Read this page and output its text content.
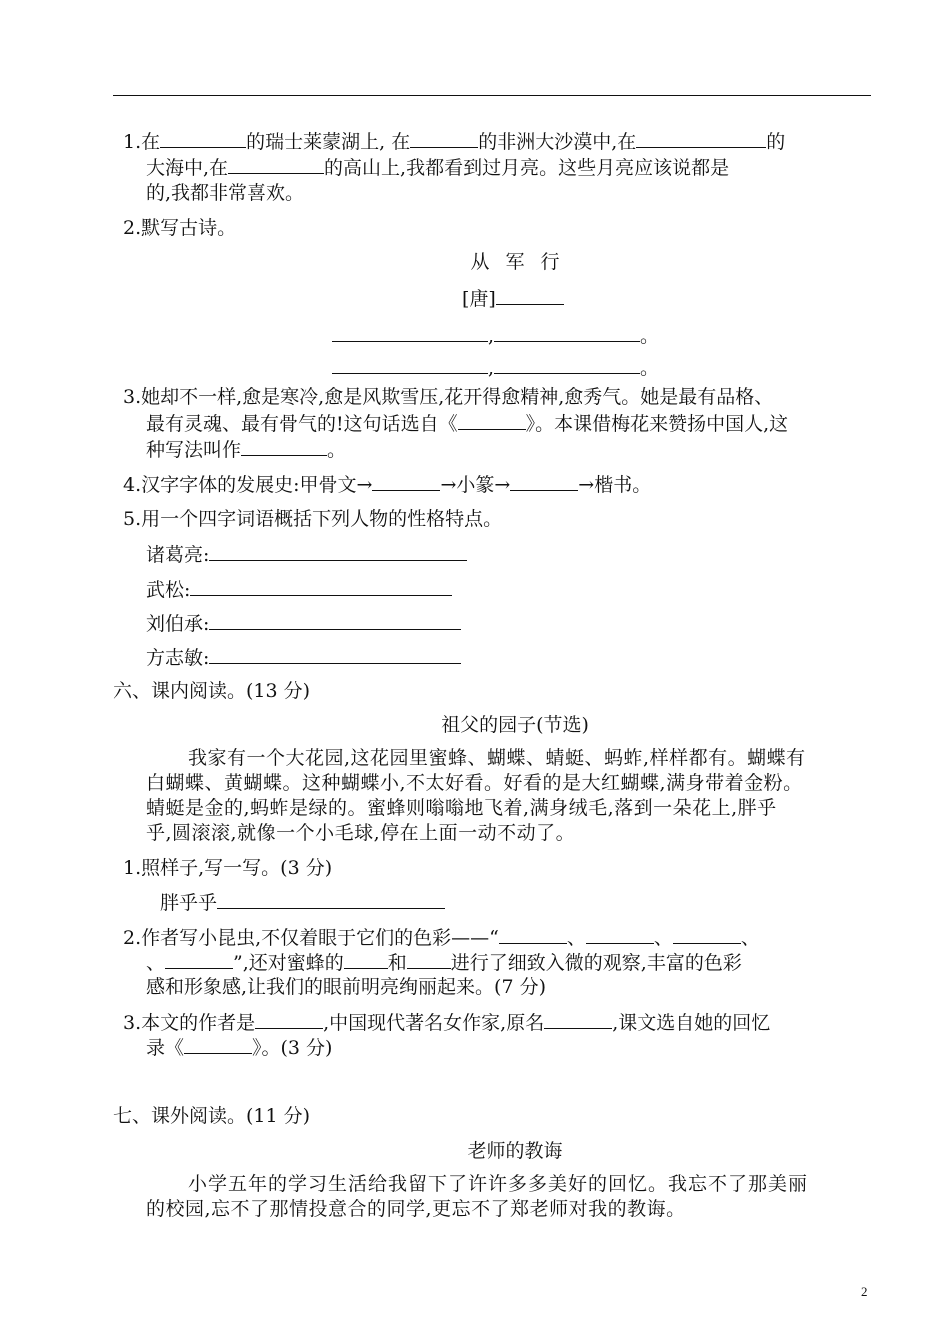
1.在	的瑞士莱蒙湖上, 在	的非洲大沙漠中,在	的
大海中,在	的高山上,我都看到过月亮。这些月亮应该说都是
的,我都非常喜欢。
2.默写古诗。
从 军 行
[唐]
,	。
,	。
3.她却不一样,愈是寒冷,愈是风欺雪压,花开得愈精神,愈秀气。她是最有品格、
最有灵魂、最有骨气的!这句话选自《	》。本课借梅花来赞扬中国人,这
种写法叫作	。
4.汉字字体的发展史:甲骨文→	→小篆→	→楷书。
5.用一个四字词语概括下列人物的性格特点。
诸葛亮:
武松:
刘伯承:
方志敏:
六、课内阅读。(13 分)
祖父的园子(节选)
我家有一个大花园,这花园里蜜蜂、蝴蝶、蜻蜓、蚂蚱,样样都有。蝴蝶有
白蝴蝶、黄蝴蝶。这种蝴蝶小,不太好看。好看的是大红蝴蝶,满身带着金粉。
蜻蜓是金的,蚂蚱是绿的。蜜蜂则嗡嗡地飞着,满身绒毛,落到一朵花上,胖乎
乎,圆滚滚,就像一个小毛球,停在上面一动不动了。
1.照样子,写一写。(3 分)
胖乎乎
2.作者写小昆虫,不仅着眼于它们的色彩——“	、	、	、
、	”,还对蜜蜂的 和 进行了细致入微的观察,丰富的色彩
感和形象感,让我们的眼前明亮绚丽起来。(7 分)
3.本文的作者是	,中国现代著名女作家,原名	,课文选自她的回忆
录《	》。(3 分)
七、课外阅读。(11 分)
老师的教诲
小学五年的学习生活给我留下了许许多多美好的回忆。我忘不了那美丽
的校园,忘不了那情投意合的同学,更忘不了郑老师对我的教诲。
2
